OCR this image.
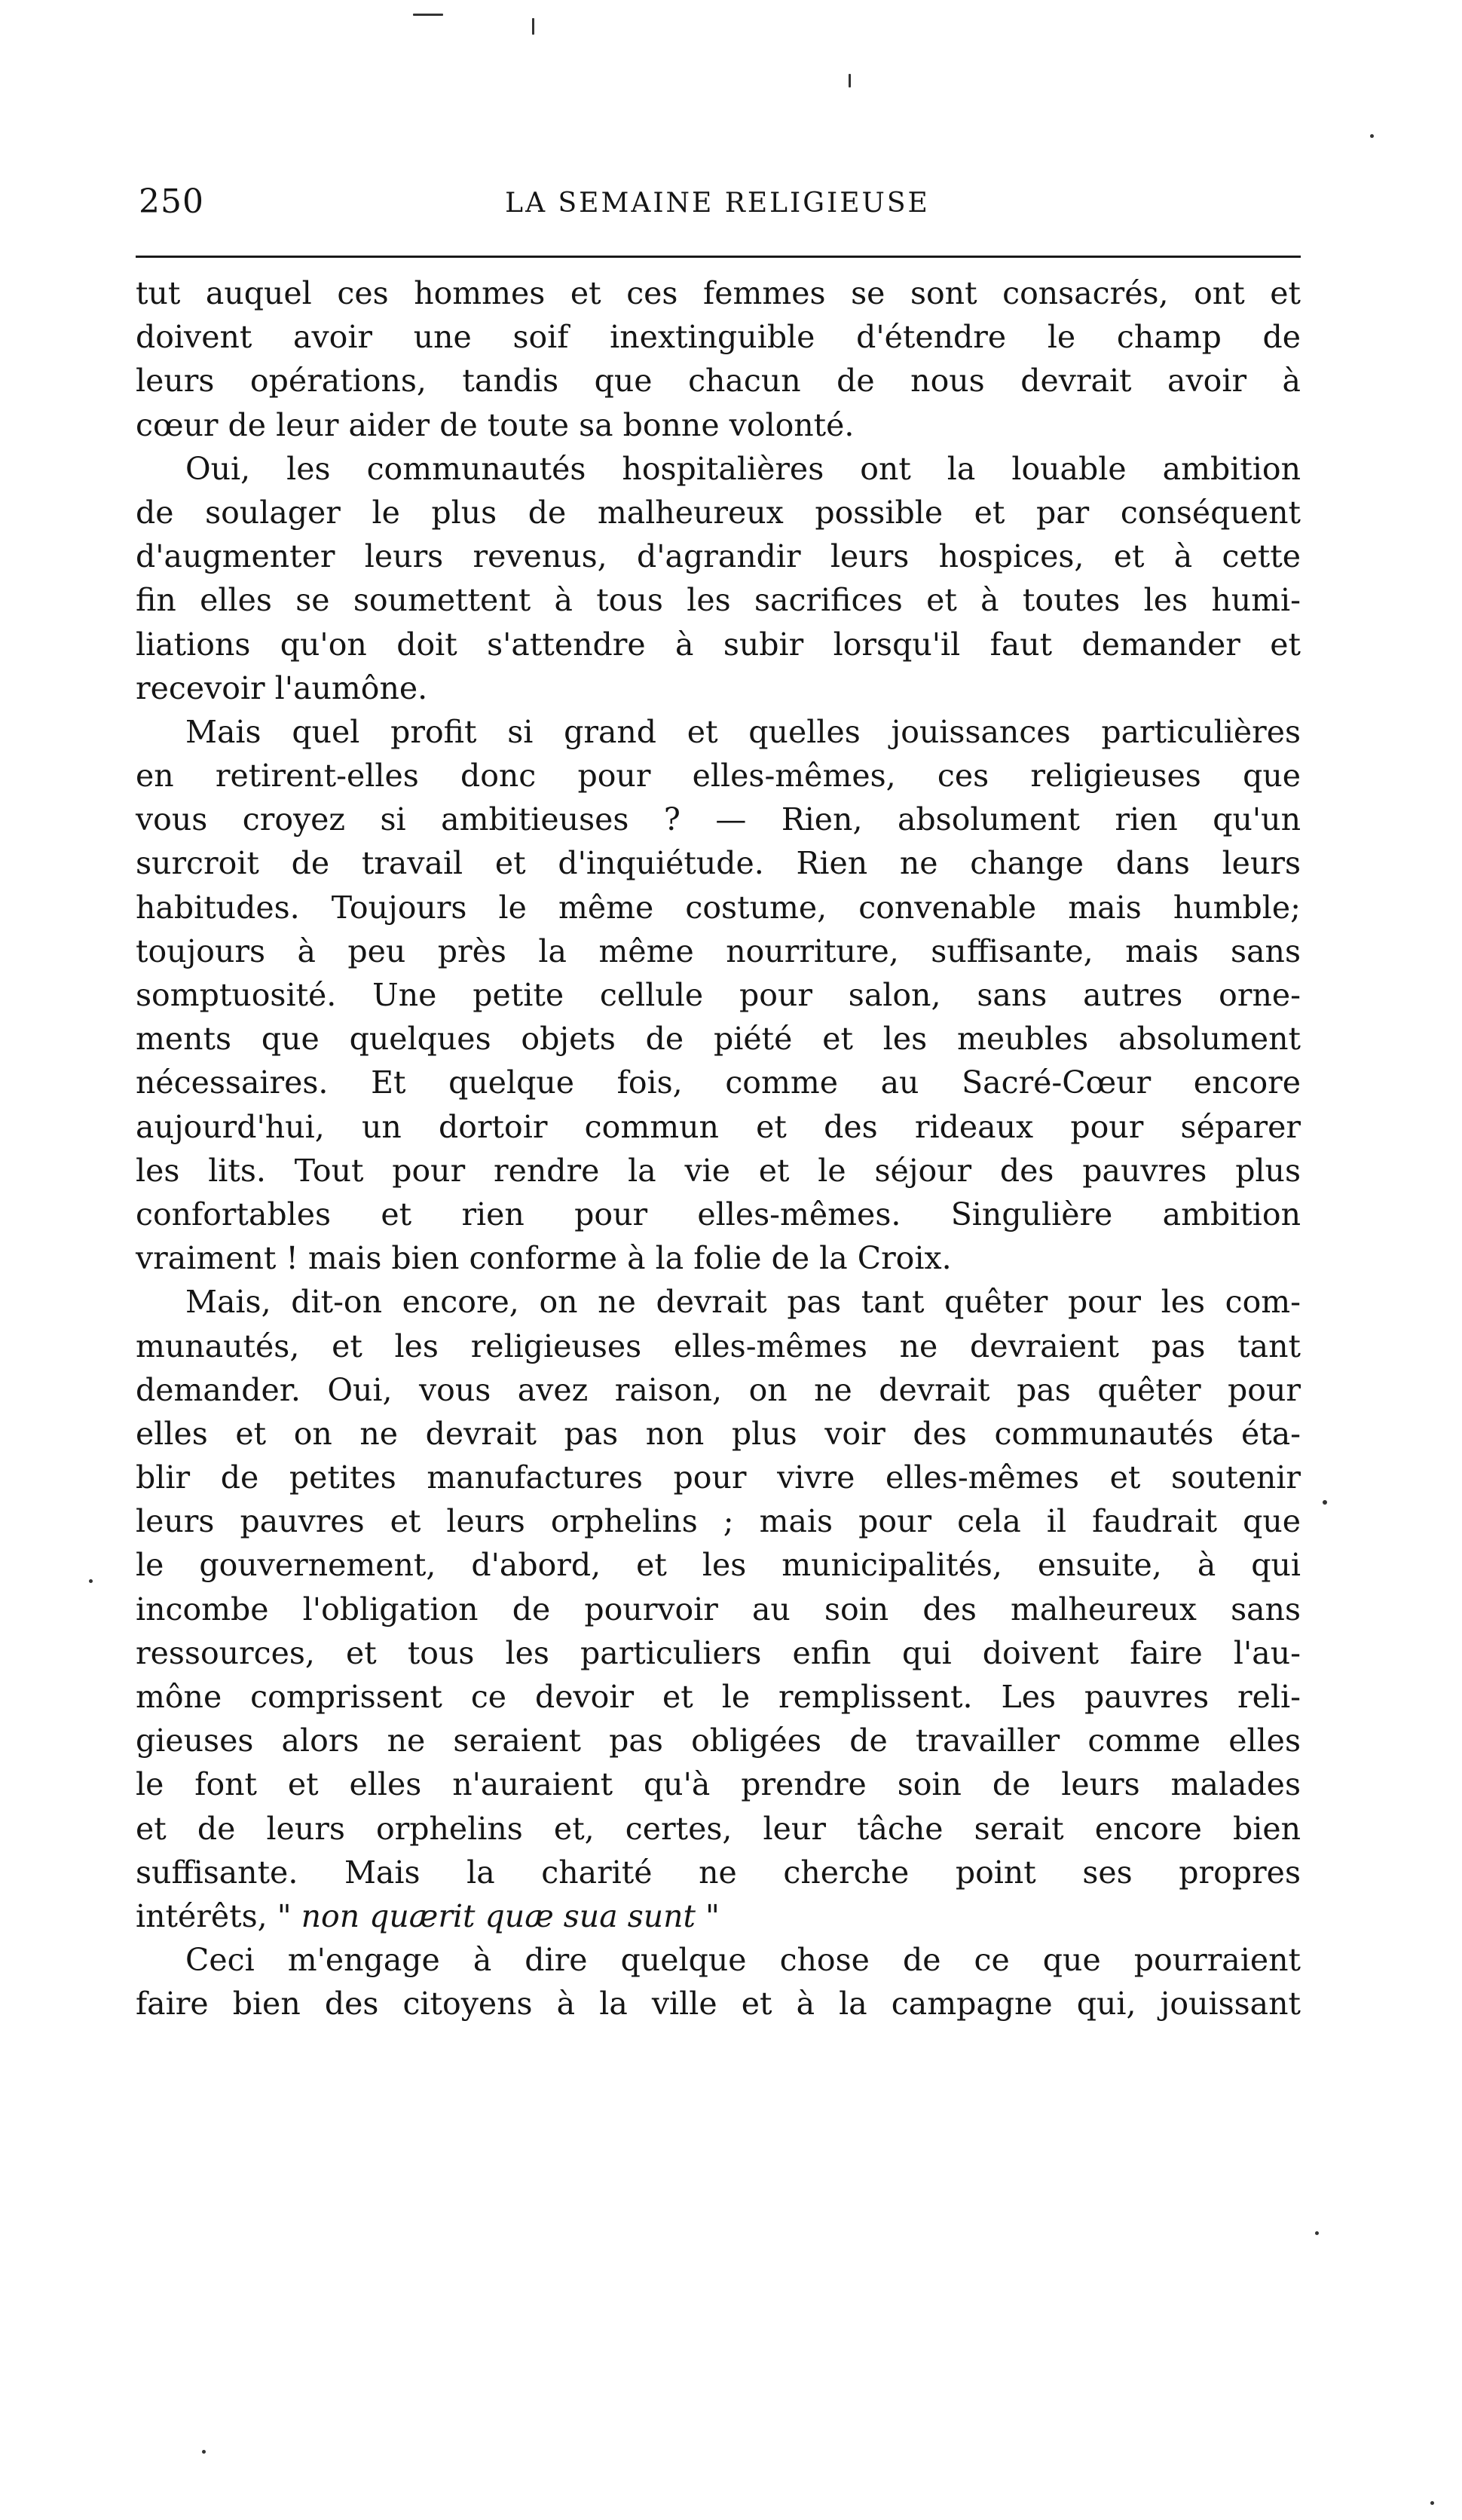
250	LA SEMAINE RELIGIEUSE
tut auquel ces hommes et ces femmes se sont consacrés, ont et
doivent avoir une soif inextinguible d'étendre le champ de
leurs opérations, tandis que chacun de nous devrait avoir à
cœur de leur aider de toute sa bonne volonté.
Oui, les communautés hospitalières ont la louable ambition
de soulager le plus de malheureux possible et par conséquent
d'augmenter leurs revenus, d'agrandir leurs hospices, et à cette
fin elles se soumettent à tous les sacrifices et à toutes les humi-
liations qu'on doit s'attendre à subir lorsqu'il faut demander et
recevoir l'aumône.
Mais quel profit si grand et quelles jouissances particulières
en retirent-elles donc pour elles-mêmes, ces religieuses que
vous croyez si ambitieuses ? — Rien, absolument rien qu'un
surcroit de travail et d'inquiétude. Rien ne change dans leurs
habitudes. Toujours le même costume, convenable mais humble;
toujours à peu près la même nourriture, suffisante, mais sans
somptuosité. Une petite cellule pour salon, sans autres orne-
ments que quelques objets de piété et les meubles absolument
nécessaires. Et quelque fois, comme au Sacré-Cœur encore
aujourd'hui, un dortoir commun et des rideaux pour séparer
les lits. Tout pour rendre la vie et le séjour des pauvres plus
confortables et rien pour elles-mêmes. Singulière ambition
vraiment ! mais bien conforme à la folie de la Croix.
Mais, dit-on encore, on ne devrait pas tant quêter pour les com-
munautés, et les religieuses elles-mêmes ne devraient pas tant
demander. Oui, vous avez raison, on ne devrait pas quêter pour
elles et on ne devrait pas non plus voir des communautés éta-
blir de petites manufactures pour vivre elles-mêmes et soutenir
leurs pauvres et leurs orphelins ; mais pour cela il faudrait que
le gouvernement, d'abord, et les municipalités, ensuite, à qui
incombe l'obligation de pourvoir au soin des malheureux sans
ressources, et tous les particuliers enfin qui doivent faire l'au-
mône comprissent ce devoir et le remplissent. Les pauvres reli-
gieuses alors ne seraient pas obligées de travailler comme elles
le font et elles n'auraient qu'à prendre soin de leurs malades
et de leurs orphelins et, certes, leur tâche serait encore bien
suffisante. Mais la charité ne cherche point ses propres
intérêts, " non quærit quæ sua sunt "
Ceci m'engage à dire quelque chose de ce que pourraient
faire bien des citoyens à la ville et à la campagne qui, jouissant
